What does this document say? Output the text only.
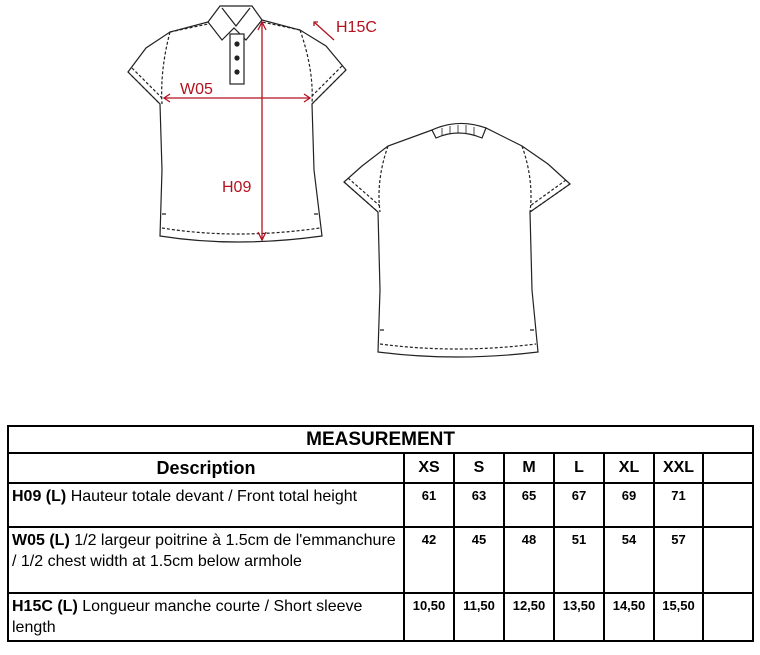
W05
H09
H15C
MEASUREMENT							
Description	XS	S	M	L	XL	XXL	
H09 (L) Hauteur totale devant / Front total height	61	63	65	67	69	71	
W05 (L) 1/2 largeur poitrine à 1.5cm de l'emmanchure / 1/2 chest width at 1.5cm below armhole	42	45	48	51	54	57	
H15C (L) Longueur manche courte / Short sleeve length	10,50	11,50	12,50	13,50	14,50	15,50	
